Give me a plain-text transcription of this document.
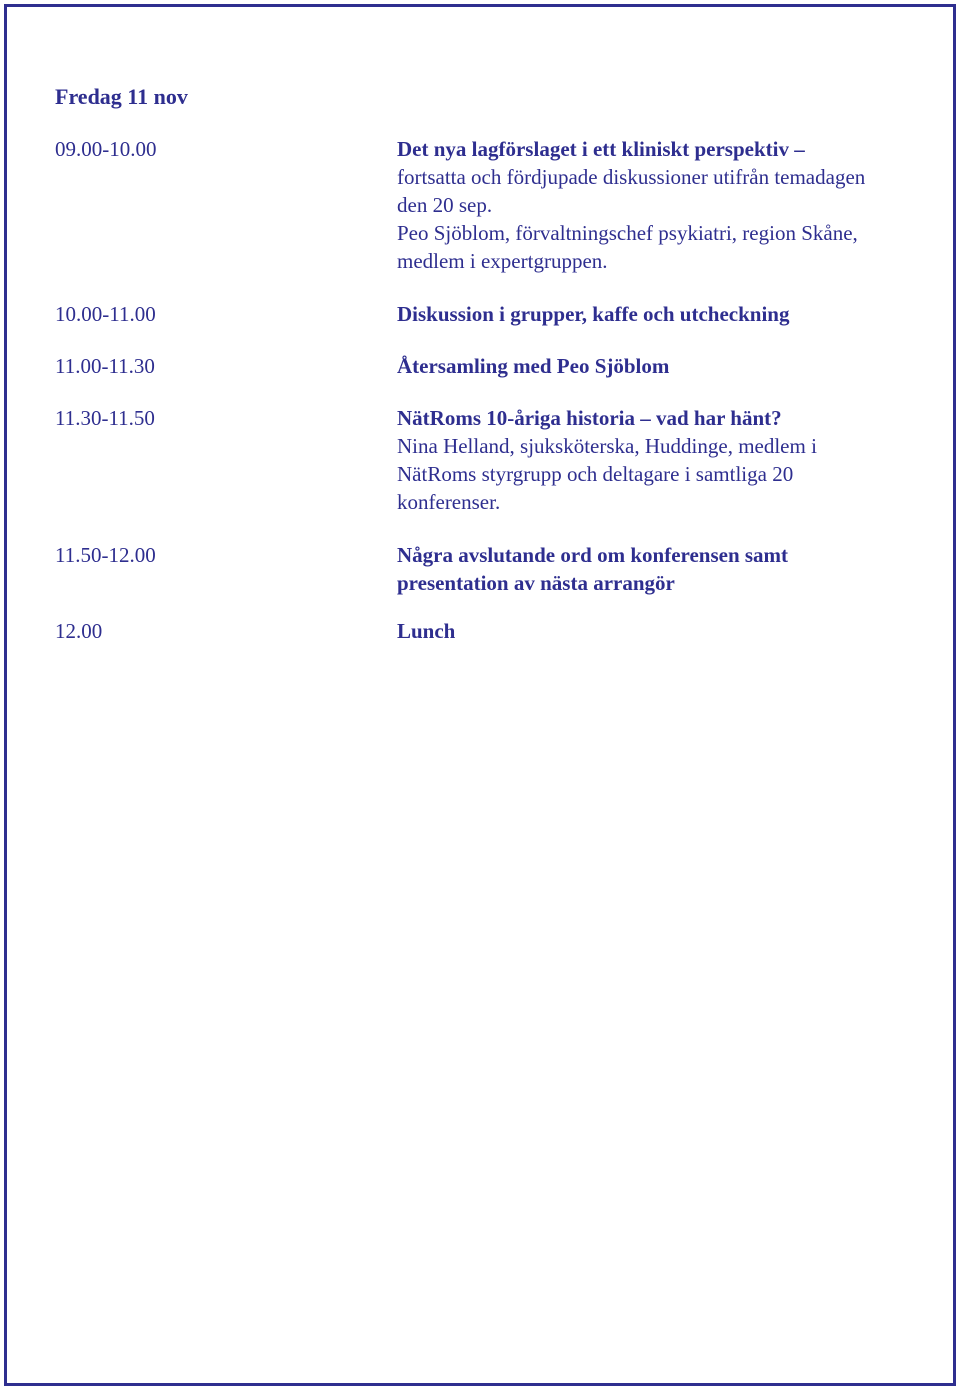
Fredag 11 nov
09.00-10.00	Det nya lagförslaget i ett kliniskt perspektiv –
fortsatta och fördjupade diskussioner utifrån temadagen den 20 sep.
Peo Sjöblom, förvaltningschef psykiatri, region Skåne, medlem i expertgruppen.
10.00-11.00	Diskussion i grupper, kaffe och utcheckning
11.00-11.30	Återsamling med Peo Sjöblom
11.30-11.50	NätRoms 10-åriga historia – vad har hänt?
Nina Helland, sjuksköterska, Huddinge, medlem i NätRoms styrgrupp och deltagare i samtliga 20 konferenser.
11.50-12.00	Några avslutande ord om konferensen samt presentation av nästa arrangör
12.00	Lunch
